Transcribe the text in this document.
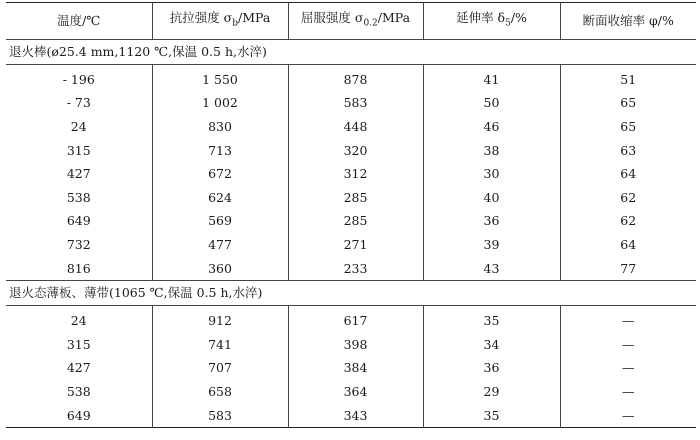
温度/℃	抗拉强度 $\sigma_b$/MPa	屈服强度 $\sigma_{0.2}$/MPa	延伸率 $\delta_5/\%$	断面收缩率 φ/%
退火棒(ø25.4 mm,1120 ℃,保温 0.5 h,水淬)				
- 196	1 550	878	41	51
- 73	1 002	583	50	65
24	830	448	46	65
315	713	320	38	63
427	672	312	30	64
538	624	285	40	62
649	569	285	36	62
732	477	271	39	64
816	360	233	43	77
退火态薄板、薄带(1065 ℃,保温 0.5 h,水淬)				
24	912	617	35	—
315	741	398	34	—
427	707	384	36	—
538	658	364	29	—
649	583	343	35	—
